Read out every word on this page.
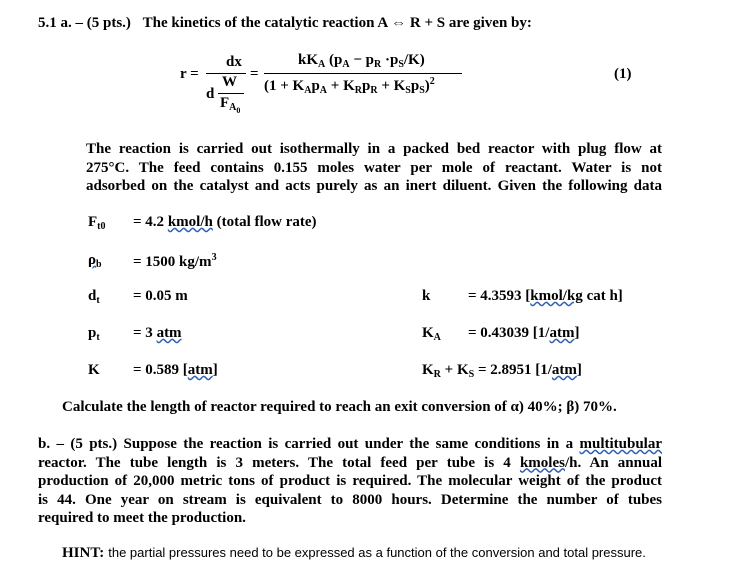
5.1 a. – (5 pts.) The kinetics of the catalytic reaction A ⇔ R + S are given by:
r =
dx
d
W
$F_{A0}$
=
$kK_A$ $(p_A - p_R \cdot p_S/K)$
$(1 + K_Ap_A + K_Rp_R + K_Sp_S)^2$	(1)
The reaction is carried out isothermally in a packed bed reactor with plug flow at
275°C. The feed contains 0.155 moles water per mole of reactant. Water is not
adsorbed on the catalyst and acts purely as an inert diluent. Given the following data
$F_{t0} = 4.2$ kmol/h (total flow rate)
$\rho_b = 1500$ $kg/m^3$
$d_t = 0.05$ m	k	= 4.3593 [kmol/kg cat h]
$p_t = 3$ atm	$K_A = 0.43039$ [1/atm]
K = 0.589 [atm]	$K_R + K_S = 2.8951$ [1/atm]
Calculate the length of reactor required to reach an exit conversion of α) 40%; β) 70%.
b. – (5 pts.) Suppose the reaction is carried out under the same conditions in a multitubular
reactor. The tube length is 3 meters. The total feed per tube is 4 kmoles/h. An annual
production of 20,000 metric tons of product is required. The molecular weight of the product
is 44. One year on stream is equivalent to 8000 hours. Determine the number of tubes
required to meet the production.
HINT: the partial pressures need to be expressed as a function of the conversion and total pressure.
